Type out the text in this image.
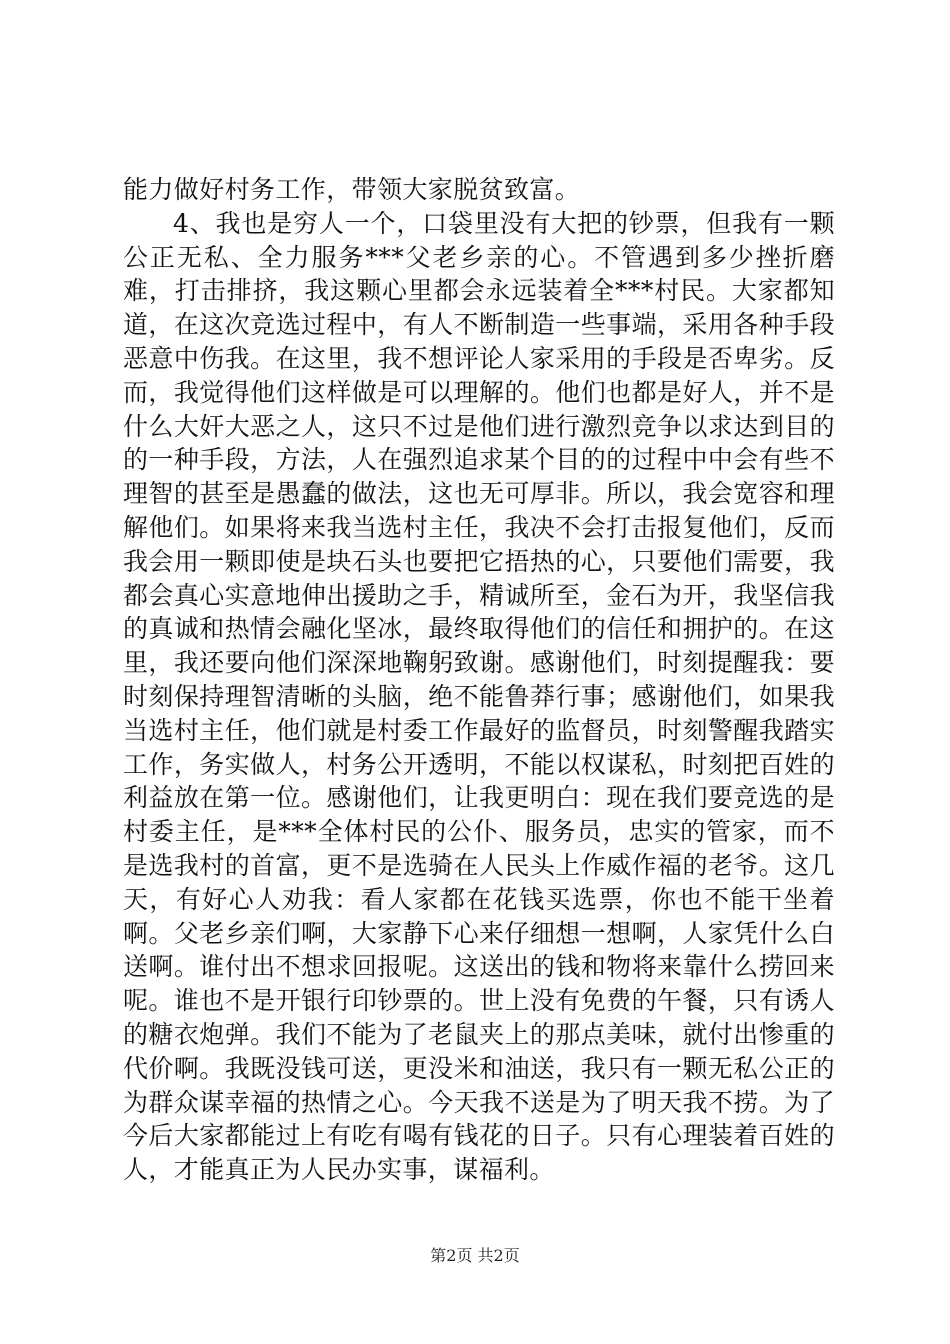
能力做好村务工作，带领大家脱贫致富。

4、我也是穷人一个，口袋里没有大把的钞票，但我有一颗公正无私、全力服务***父老乡亲的心。不管遇到多少挫折磨难，打击排挤，我这颗心里都会永远装着全***村民。大家都知道，在这次竞选过程中，有人不断制造一些事端，采用各种手段恶意中伤我。在这里，我不想评论人家采用的手段是否卑劣。反而，我觉得他们这样做是可以理解的。他们也都是好人，并不是什么大奸大恶之人，这只不过是他们进行激烈竞争以求达到目的的一种手段，方法，人在强烈追求某个目的的过程中中会有些不理智的甚至是愚蠢的做法，这也无可厚非。所以，我会宽容和理解他们。如果将来我当选村主任，我决不会打击报复他们，反而我会用一颗即使是块石头也要把它捂热的心，只要他们需要，我都会真心实意地伸出援助之手，精诚所至，金石为开，我坚信我的真诚和热情会融化坚冰，最终取得他们的信任和拥护的。在这里，我还要向他们深深地鞠躬致谢。感谢他们，时刻提醒我：要时刻保持理智清晰的头脑，绝不能鲁莽行事；感谢他们，如果我当选村主任，他们就是村委工作最好的监督员，时刻警醒我踏实工作，务实做人，村务公开透明，不能以权谋私，时刻把百姓的利益放在第一位。感谢他们，让我更明白：现在我们要竞选的是村委主任，是***全体村民的公仆、服务员，忠实的管家，而不是选我村的首富，更不是选骑在人民头上作威作福的老爷。这几天，有好心人劝我：看人家都在花钱买选票，你也不能干坐着啊。父老乡亲们啊，大家静下心来仔细想一想啊，人家凭什么白送啊。谁付出不想求回报呢。这送出的钱和物将来靠什么捞回来呢。谁也不是开银行印钞票的。世上没有免费的午餐，只有诱人的糖衣炮弹。我们不能为了老鼠夹上的那点美味，就付出惨重的代价啊。我既没钱可送，更没米和油送，我只有一颗无私公正的为群众谋幸福的热情之心。今天我不送是为了明天我不捞。为了今后大家都能过上有吃有喝有钱花的日子。只有心理装着百姓的人，才能真正为人民办实事，谋福利。

第2页 共2页
